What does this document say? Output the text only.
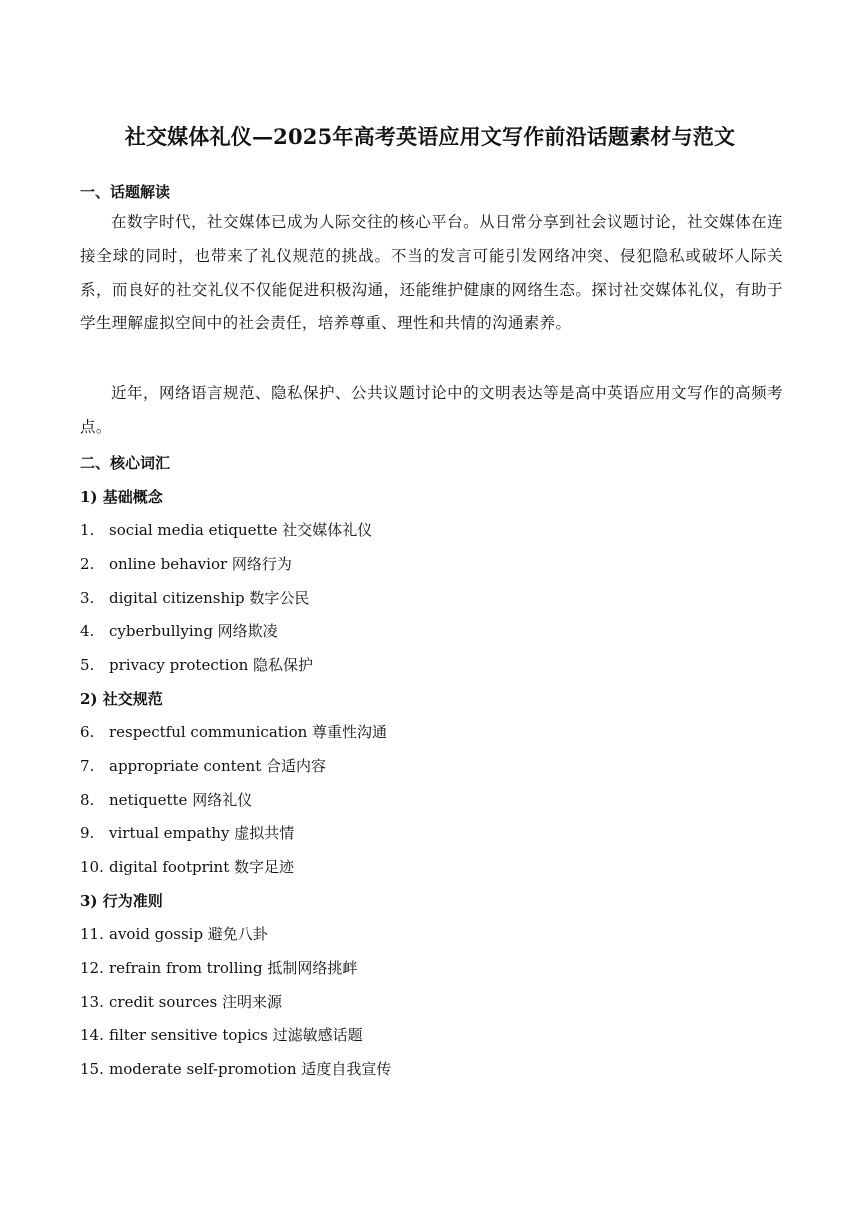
社交媒体礼仪—2025年高考英语应用文写作前沿话题素材与范文
一、话题解读

在数字时代，社交媒体已成为人际交往的核心平台。从日常分享到社会议题讨论，社交媒体在连接全球的同时，也带来了礼仪规范的挑战。不当的发言可能引发网络冲突、侵犯隐私或破坏人际关系，而良好的社交礼仪不仅能促进积极沟通，还能维护健康的网络生态。探讨社交媒体礼仪，有助于学生理解虚拟空间中的社会责任，培养尊重、理性和共情的沟通素养。

近年，网络语言规范、隐私保护、公共议题讨论中的文明表达等是高中英语应用文写作的高频考点。

二、核心词汇
1) 基础概念
1. social media etiquette 社交媒体礼仪
2. online behavior 网络行为
3. digital citizenship 数字公民
4. cyberbullying 网络欺凌
5. privacy protection 隐私保护
2) 社交规范
6. respectful communication 尊重性沟通
7. appropriate content 合适内容
8. netiquette 网络礼仪
9. virtual empathy 虚拟共情
10. digital footprint 数字足迹
3) 行为准则
11. avoid gossip 避免八卦
12. refrain from trolling 抵制网络挑衅
13. credit sources 注明来源
14. filter sensitive topics 过滤敏感话题
15. moderate self-promotion 适度自我宣传
